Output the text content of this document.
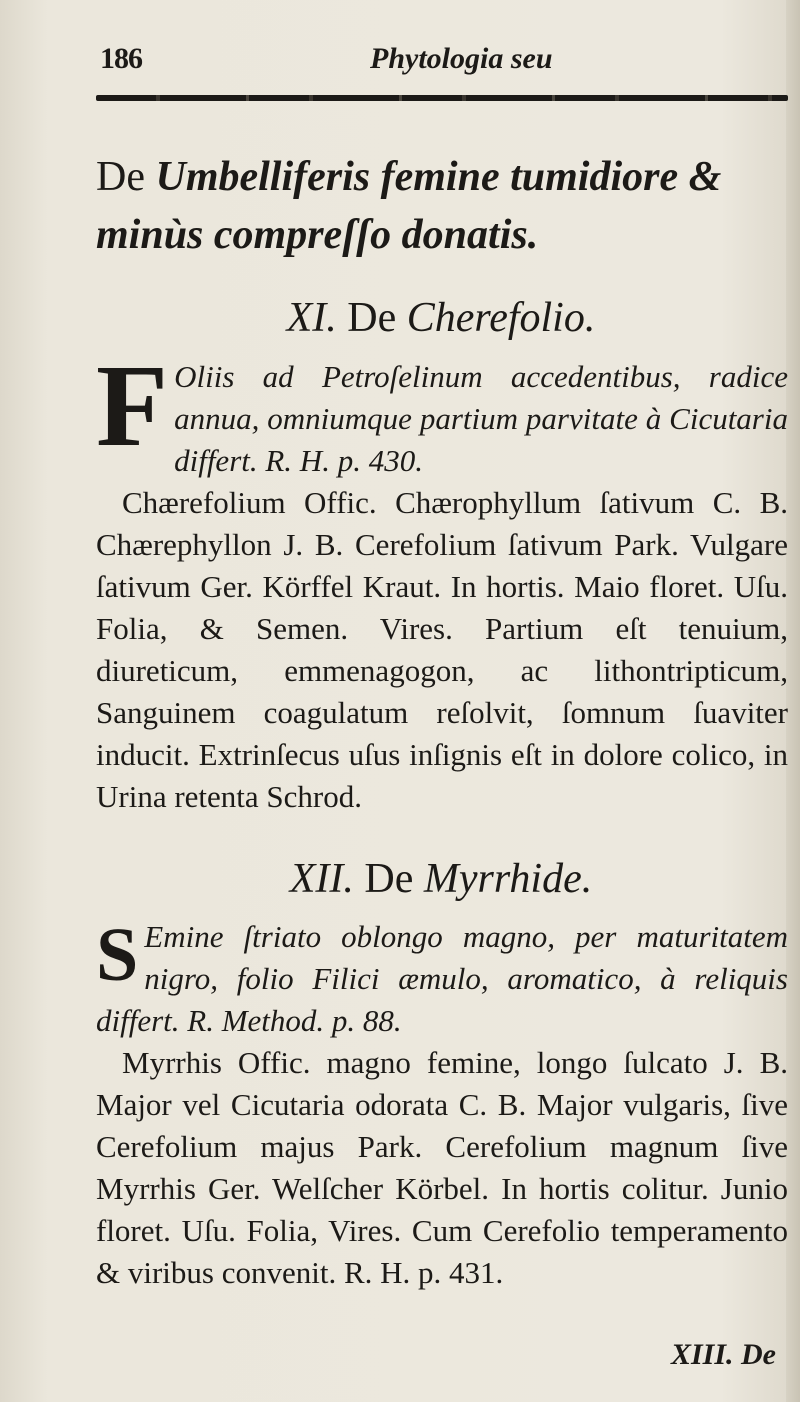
186	Phytologia seu
De Umbelliferis femine tumidiore & minùs compreſſo donatis.
XI. De Cherefolio.

F Oliis ad Petroſelinum accedentibus, radice annua, omniumque partium parvitate à Cicutaria differt. R. H. p. 430.

Chærefolium Offic. Chærophyllum ſativum C. B. Chærephyllon J. B. Cerefolium ſativum Park. Vulgare ſativum Ger. Körffel Kraut. In hortis. Maio floret. Uſu. Folia, & Semen. Vires. Partium eſt tenuium, diureticum, emmenagogon, ac lithontripticum, Sanguinem coagulatum reſolvit, ſomnum ſuaviter inducit. Extrinſecus uſus inſignis eſt in dolore colico, in Urina retenta Schrod.

XII. De Myrrhide.

S Emine ſtriato oblongo magno, per maturitatem nigro, folio Filici æmulo, aromatico, à reliquis differt. R. Method. p. 88.

Myrrhis Offic. magno femine, longo ſulcato J. B. Major vel Cicutaria odorata C. B. Major vulgaris, ſive Cerefolium majus Park. Cerefolium magnum ſive Myrrhis Ger. Welſcher Körbel. In hortis colitur. Junio floret. Uſu. Folia, Vires. Cum Cerefolio temperamento & viribus convenit. R. H. p. 431.

XIII. De
